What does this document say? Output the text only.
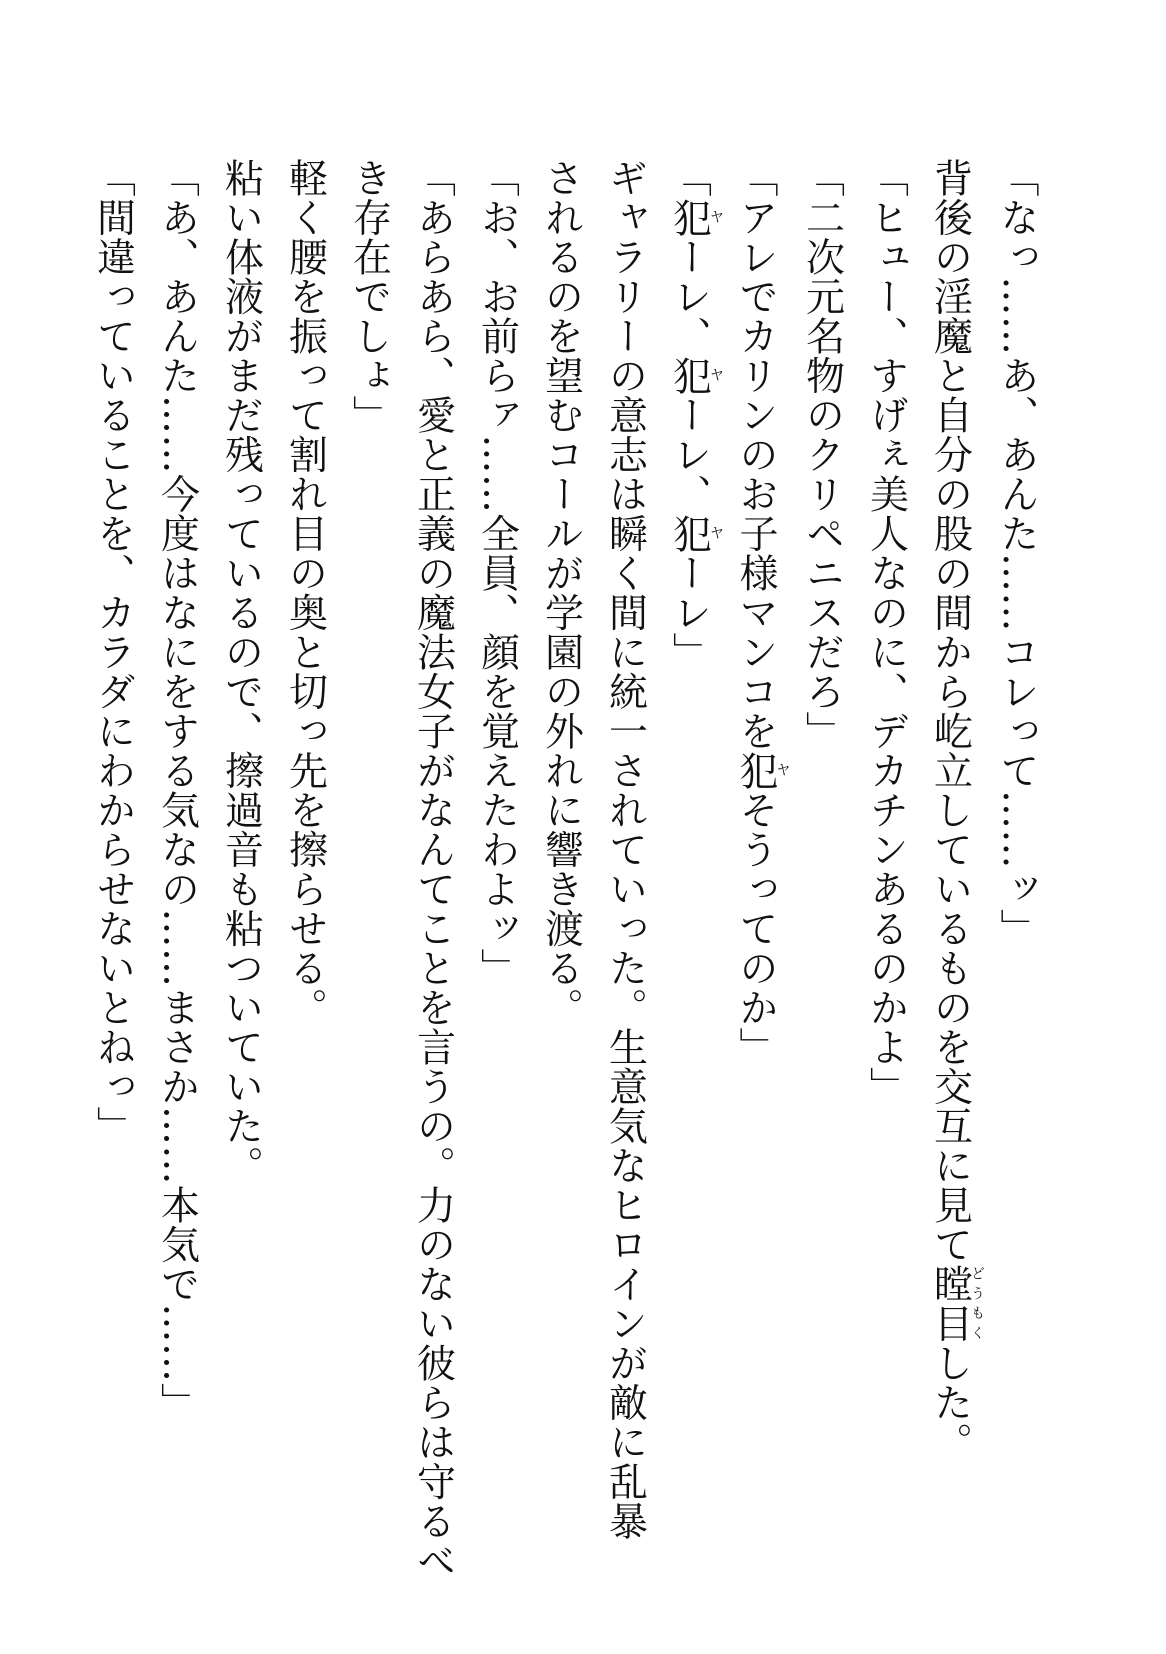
「なっ……あ、あんた……コレって……ッ」
背後の淫魔と自分の股の間から屹立しているものを交互に見て瞠目どうもくした。
「ヒュー、すげぇ美人なのに、デカチンあるのかよ」
「二次元名物のクリペニスだろ」
「アレでカリンのお子様マンコを犯ヤそうってのか」
「犯ヤーレ、犯ヤーレ、犯ヤーレ」
ギャラリーの意志は瞬く間に統一されていった。生意気なヒロインが敵に乱暴
されるのを望むコールが学園の外れに響き渡る。
「お、お前らァ……全員、顔を覚えたわよッ」
「あらあら、愛と正義の魔法女子がなんてことを言うの。力のない彼らは守るべ
き存在でしょ」
軽く腰を振って割れ目の奥と切っ先を擦らせる。
粘い体液がまだ残っているので、擦過音も粘ついていた。
「あ、あんた……今度はなにをする気なの……まさか……本気で……」
「間違っていることを、カラダにわからせないとねっ」
